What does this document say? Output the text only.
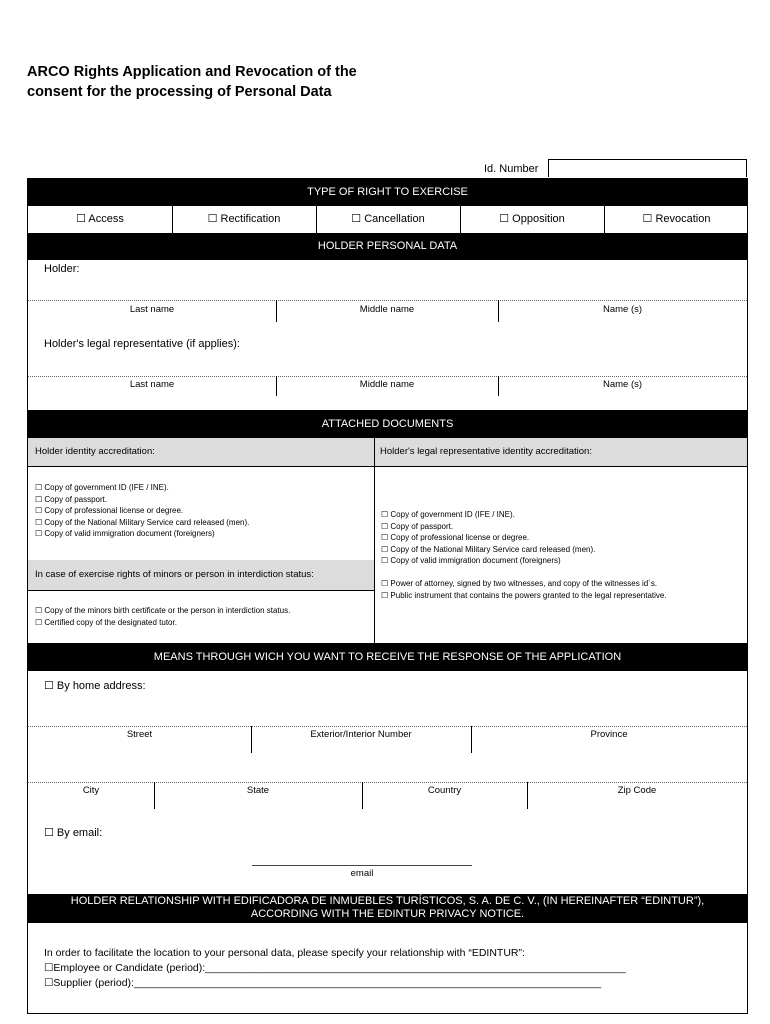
ARCO Rights Application and Revocation of the
consent for the processing of Personal Data
Id. Number
TYPE OF RIGHT TO EXERCISE
☐ Access	☐ Rectification	☐ Cancellation	☐ Opposition	☐ Revocation
HOLDER PERSONAL DATA
Holder:
Last name	Middle name	Name (s)
Holder's legal representative (if applies):
Last name	Middle name	Name (s)
ATTACHED DOCUMENTS
Holder identity accreditation:	Holder's legal representative identity accreditation:
☐ Copy of government ID (IFE / INE).
☐ Copy of passport.
☐ Copy of professional license or degree.
☐ Copy of the National Military Service card released (men).
☐ Copy of valid immigration document (foreigners)
In case of exercise rights of minors or person in interdiction status:
☐ Copy of the minors birth certificate or the person in interdiction status.
☐ Certified copy of the designated tutor.
☐ Copy of government ID (IFE / INE).
☐ Copy of passport.
☐ Copy of professional license or degree.
☐ Copy of the National Military Service card released (men).
☐ Copy of valid immigration document (foreigners)
☐ Power of attorney, signed by two witnesses, and copy of the witnesses id´s.
☐ Public instrument that contains the powers granted to the legal representative.
MEANS THROUGH WICH YOU WANT TO RECEIVE THE RESPONSE OF THE APPLICATION
☐ By home address:
Street	Exterior/Interior Number	Province
City	State	Country	Zip Code
☐ By email:
email
HOLDER RELATIONSHIP WITH EDIFICADORA DE INMUEBLES TURÍSTICOS, S. A. DE C. V., (IN HEREINAFTER “EDINTUR”),
ACCORDING WITH THE EDINTUR PRIVACY NOTICE.
In order to facilitate the location to your personal data, please specify your relationship with “EDINTUR”:
☐Employee or Candidate (period):________________________________________________________________________
☐Supplier (period):________________________________________________________________________________
